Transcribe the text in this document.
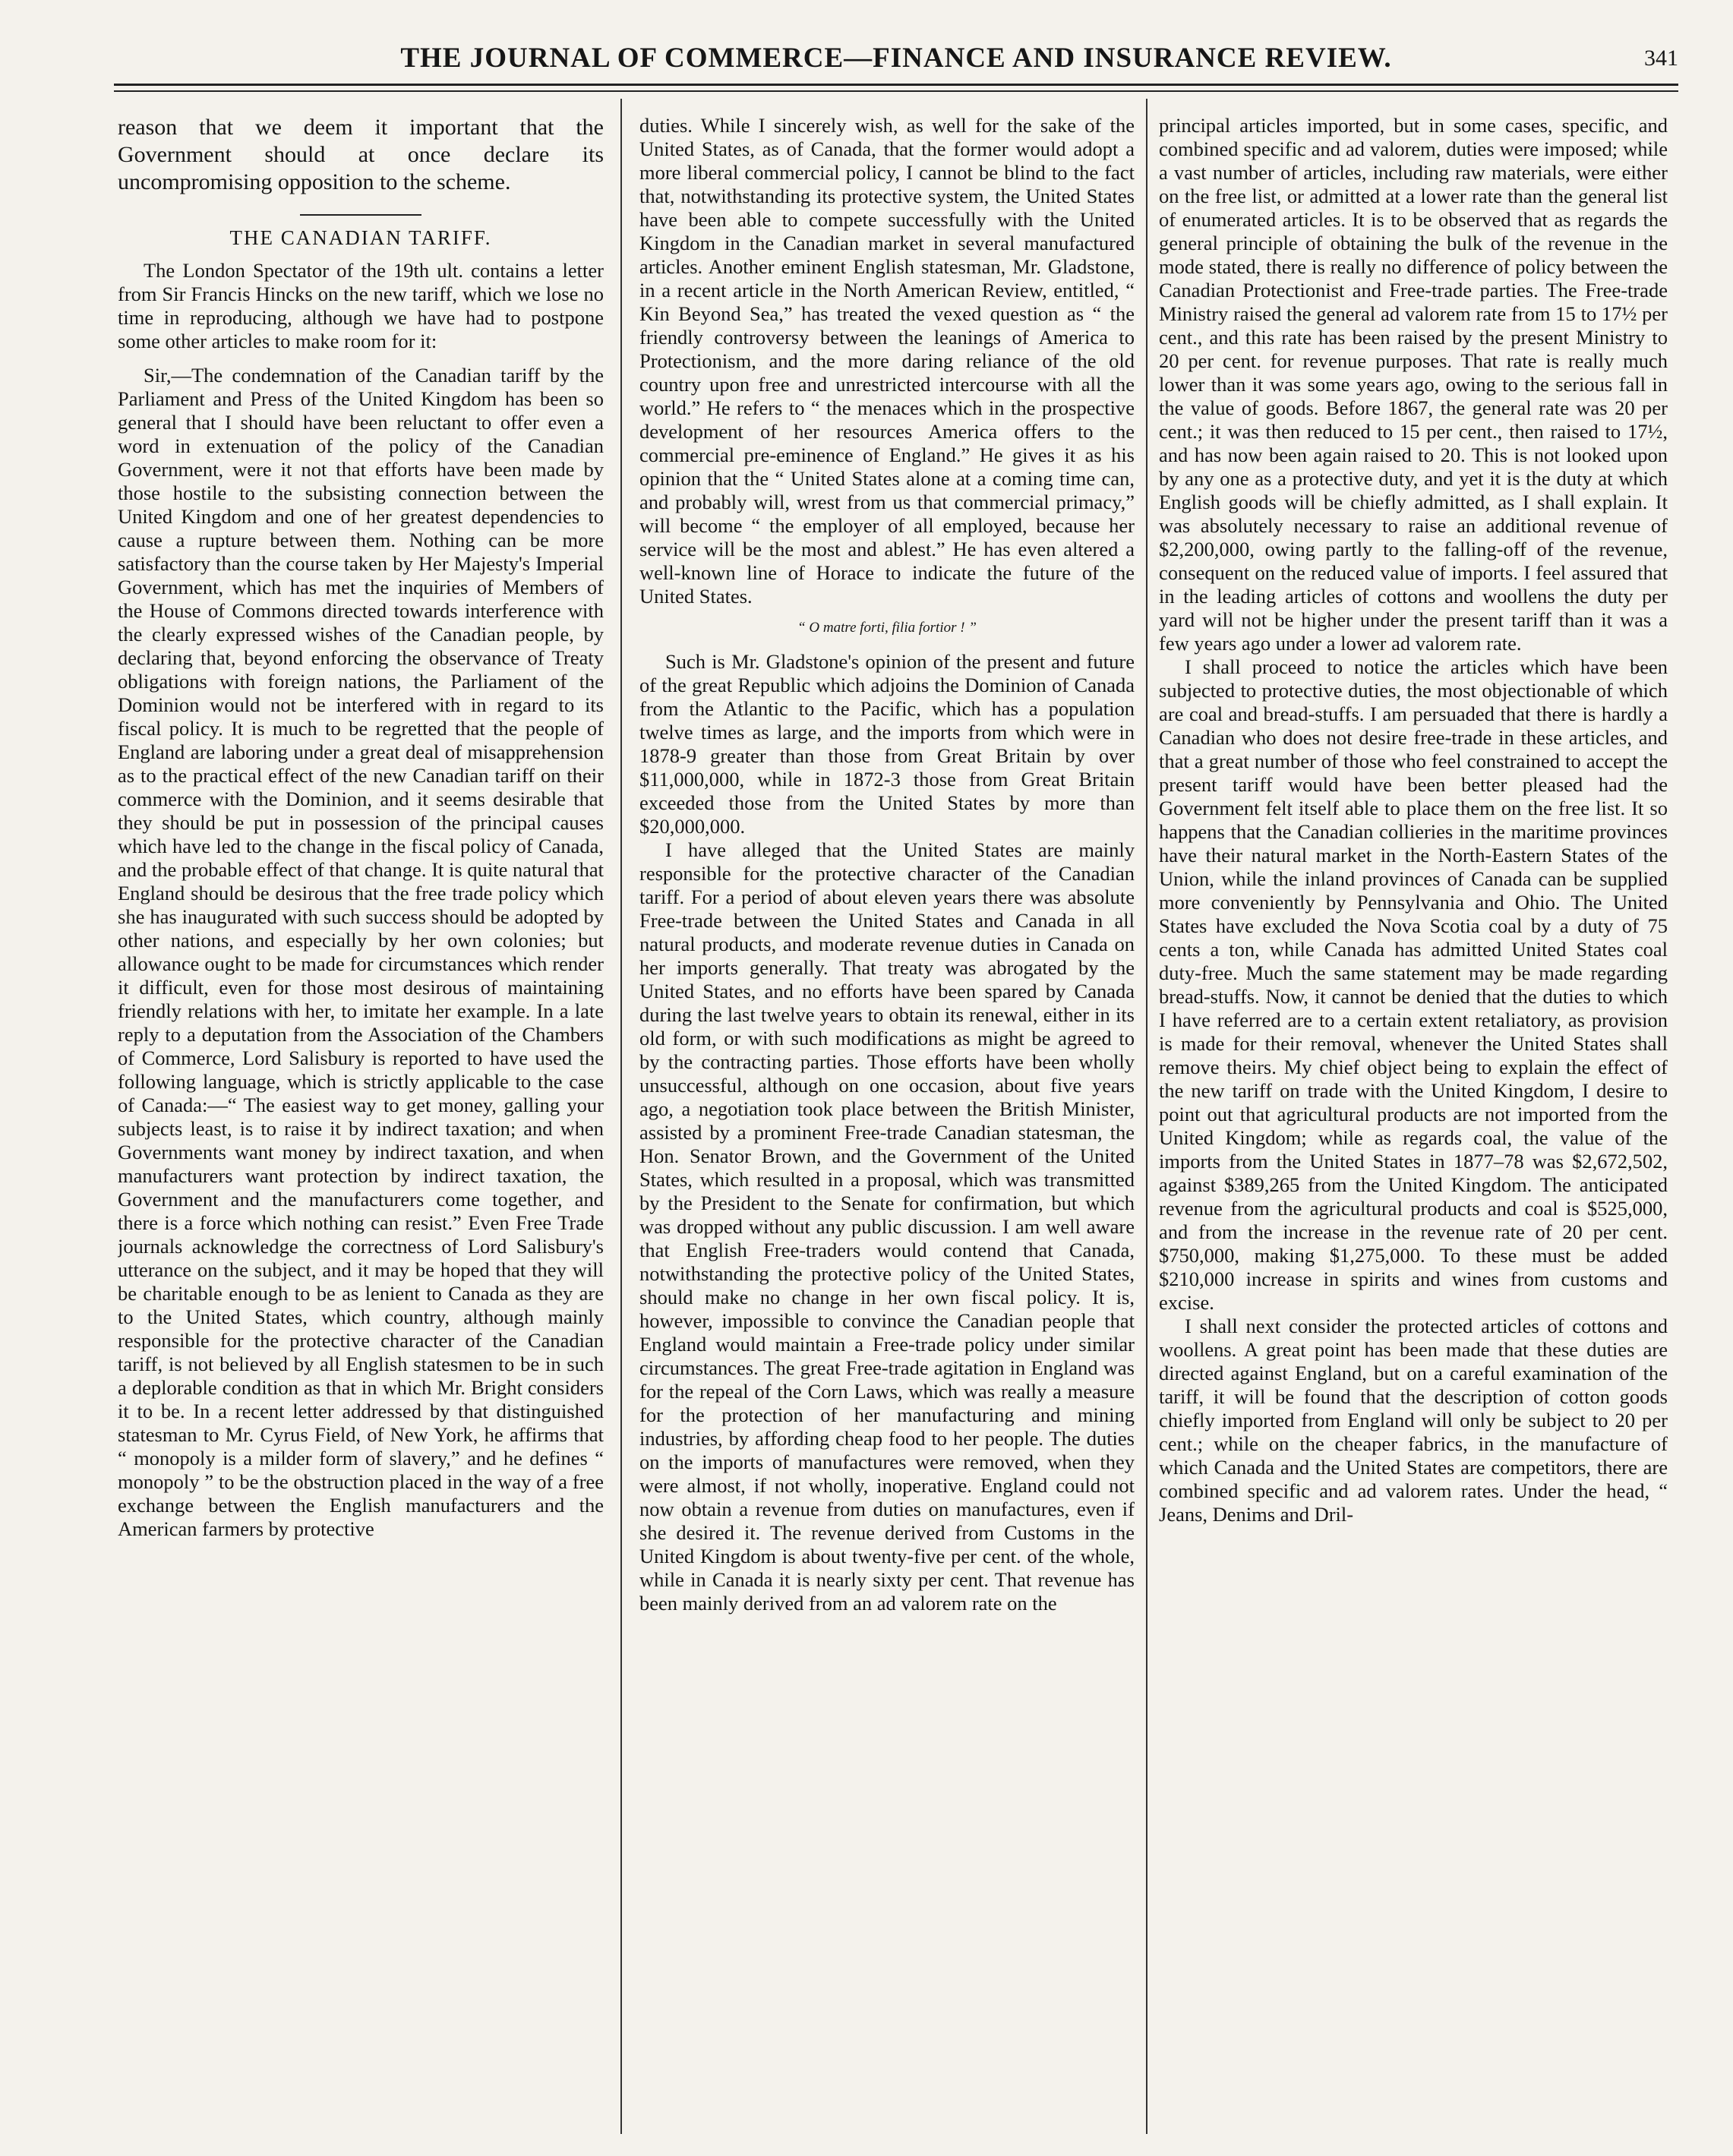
THE JOURNAL OF COMMERCE—FINANCE AND INSURANCE REVIEW.	341

reason that we deem it important that the Government should at once declare its uncompromising opposition to the scheme.

THE CANADIAN TARIFF.

The London Spectator of the 19th ult. contains a letter from Sir Francis Hincks on the new tariff, which we lose no time in reproducing, although we have had to postpone some other articles to make room for it:

Sir,—The condemnation of the Canadian tariff by the Parliament and Press of the United Kingdom has been so general that I should have been reluctant to offer even a word in extenuation of the policy of the Canadian Government, were it not that efforts have been made by those hostile to the subsisting connection between the United Kingdom and one of her greatest dependencies to cause a rupture between them. Nothing can be more satisfactory than the course taken by Her Majesty's Imperial Government, which has met the inquiries of Members of the House of Commons directed towards interference with the clearly expressed wishes of the Canadian people, by declaring that, beyond enforcing the observance of Treaty obligations with foreign nations, the Parliament of the Dominion would not be interfered with in regard to its fiscal policy. It is much to be regretted that the people of England are laboring under a great deal of misapprehension as to the practical effect of the new Canadian tariff on their commerce with the Dominion, and it seems desirable that they should be put in possession of the principal causes which have led to the change in the fiscal policy of Canada, and the probable effect of that change. It is quite natural that England should be desirous that the free trade policy which she has inaugurated with such success should be adopted by other nations, and especially by her own colonies; but allowance ought to be made for circumstances which render it difficult, even for those most desirous of maintaining friendly relations with her, to imitate her example. In a late reply to a deputation from the Association of the Chambers of Commerce, Lord Salisbury is reported to have used the following language, which is strictly applicable to the case of Canada:—“ The easiest way to get money, galling your subjects least, is to raise it by indirect taxation; and when Governments want money by indirect taxation, and when manufacturers want protection by indirect taxation, the Government and the manufacturers come together, and there is a force which nothing can resist.” Even Free Trade journals acknowledge the correctness of Lord Salisbury's utterance on the subject, and it may be hoped that they will be charitable enough to be as lenient to Canada as they are to the United States, which country, although mainly responsible for the protective character of the Canadian tariff, is not believed by all English statesmen to be in such a deplorable condition as that in which Mr. Bright considers it to be. In a recent letter addressed by that distinguished statesman to Mr. Cyrus Field, of New York, he affirms that “ monopoly is a milder form of slavery,” and he defines “ monopoly ” to be the obstruction placed in the way of a free exchange between the English manufacturers and the American farmers by protective

duties. While I sincerely wish, as well for the sake of the United States, as of Canada, that the former would adopt a more liberal commercial policy, I cannot be blind to the fact that, notwithstanding its protective system, the United States have been able to compete successfully with the United Kingdom in the Canadian market in several manufactured articles. Another eminent English statesman, Mr. Gladstone, in a recent article in the North American Review, entitled, “ Kin Beyond Sea,” has treated the vexed question as “ the friendly controversy between the leanings of America to Protectionism, and the more daring reliance of the old country upon free and unrestricted intercourse with all the world.” He refers to “ the menaces which in the prospective development of her resources America offers to the commercial pre-eminence of England.” He gives it as his opinion that the “ United States alone at a coming time can, and probably will, wrest from us that commercial primacy,” will become “ the employer of all employed, because her service will be the most and ablest.” He has even altered a well-known line of Horace to indicate the future of the United States.

“ O matre forti, filia fortior ! ”

Such is Mr. Gladstone's opinion of the present and future of the great Republic which adjoins the Dominion of Canada from the Atlantic to the Pacific, which has a population twelve times as large, and the imports from which were in 1878-9 greater than those from Great Britain by over $11,000,000, while in 1872-3 those from Great Britain exceeded those from the United States by more than $20,000,000.

I have alleged that the United States are mainly responsible for the protective character of the Canadian tariff. For a period of about eleven years there was absolute Free-trade between the United States and Canada in all natural products, and moderate revenue duties in Canada on her imports generally. That treaty was abrogated by the United States, and no efforts have been spared by Canada during the last twelve years to obtain its renewal, either in its old form, or with such modifications as might be agreed to by the contracting parties. Those efforts have been wholly unsuccessful, although on one occasion, about five years ago, a negotiation took place between the British Minister, assisted by a prominent Free-trade Canadian statesman, the Hon. Senator Brown, and the Government of the United States, which resulted in a proposal, which was transmitted by the President to the Senate for confirmation, but which was dropped without any public discussion. I am well aware that English Free-traders would contend that Canada, notwithstanding the protective policy of the United States, should make no change in her own fiscal policy. It is, however, impossible to convince the Canadian people that England would maintain a Free-trade policy under similar circumstances. The great Free-trade agitation in England was for the repeal of the Corn Laws, which was really a measure for the protection of her manufacturing and mining industries, by affording cheap food to her people. The duties on the imports of manufactures were removed, when they were almost, if not wholly, inoperative. England could not now obtain a revenue from duties on manufactures, even if she desired it. The revenue derived from Customs in the United Kingdom is about twenty-five per cent. of the whole, while in Canada it is nearly sixty per cent. That revenue has been mainly derived from an ad valorem rate on the

principal articles imported, but in some cases, specific, and combined specific and ad valorem, duties were imposed; while a vast number of articles, including raw materials, were either on the free list, or admitted at a lower rate than the general list of enumerated articles. It is to be observed that as regards the general principle of obtaining the bulk of the revenue in the mode stated, there is really no difference of policy between the Canadian Protectionist and Free-trade parties. The Free-trade Ministry raised the general ad valorem rate from 15 to 17½ per cent., and this rate has been raised by the present Ministry to 20 per cent. for revenue purposes. That rate is really much lower than it was some years ago, owing to the serious fall in the value of goods. Before 1867, the general rate was 20 per cent.; it was then reduced to 15 per cent., then raised to 17½, and has now been again raised to 20. This is not looked upon by any one as a protective duty, and yet it is the duty at which English goods will be chiefly admitted, as I shall explain. It was absolutely necessary to raise an additional revenue of $2,200,000, owing partly to the falling-off of the revenue, consequent on the reduced value of imports. I feel assured that in the leading articles of cottons and woollens the duty per yard will not be higher under the present tariff than it was a few years ago under a lower ad valorem rate.

I shall proceed to notice the articles which have been subjected to protective duties, the most objectionable of which are coal and bread-stuffs. I am persuaded that there is hardly a Canadian who does not desire free-trade in these articles, and that a great number of those who feel constrained to accept the present tariff would have been better pleased had the Government felt itself able to place them on the free list. It so happens that the Canadian collieries in the maritime provinces have their natural market in the North-Eastern States of the Union, while the inland provinces of Canada can be supplied more conveniently by Pennsylvania and Ohio. The United States have excluded the Nova Scotia coal by a duty of 75 cents a ton, while Canada has admitted United States coal duty-free. Much the same statement may be made regarding bread-stuffs. Now, it cannot be denied that the duties to which I have referred are to a certain extent retaliatory, as provision is made for their removal, whenever the United States shall remove theirs. My chief object being to explain the effect of the new tariff on trade with the United Kingdom, I desire to point out that agricultural products are not imported from the United Kingdom; while as regards coal, the value of the imports from the United States in 1877–78 was $2,672,502, against $389,265 from the United Kingdom. The anticipated revenue from the agricultural products and coal is $525,000, and from the increase in the revenue rate of 20 per cent. $750,000, making $1,275,000. To these must be added $210,000 increase in spirits and wines from customs and excise.

I shall next consider the protected articles of cottons and woollens. A great point has been made that these duties are directed against England, but on a careful examination of the tariff, it will be found that the description of cotton goods chiefly imported from England will only be subject to 20 per cent.; while on the cheaper fabrics, in the manufacture of which Canada and the United States are competitors, there are combined specific and ad valorem rates. Under the head, “ Jeans, Denims and Dril-
